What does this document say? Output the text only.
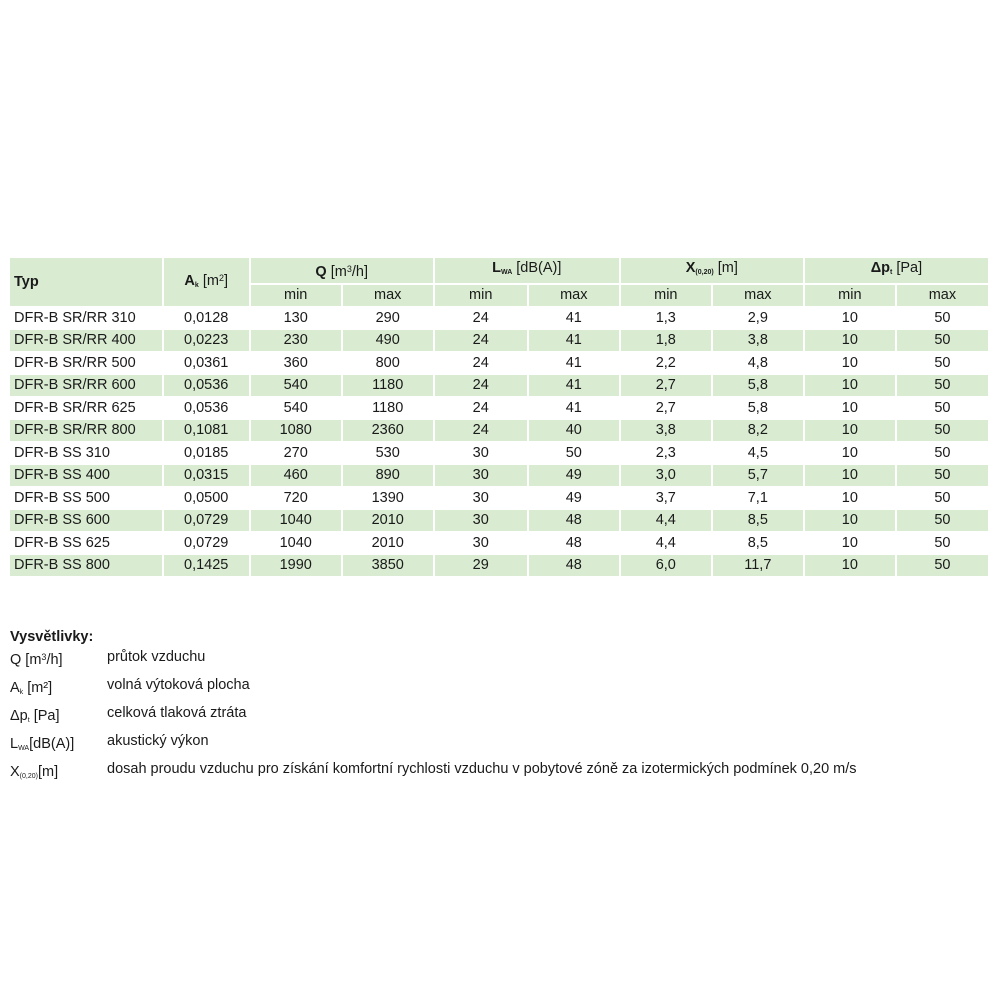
Typ	$A_k$ $[m^2]$	Q $[m^3/h]$		$L_{WA}$ [dB(A)]		$X_{(0,20)}$ [m]		$\Delta p_t$ [Pa]	
		min	max	min	max	min	max	min	max
DFR-B SR/RR 310	0,0128	130	290	24	41	1,3	2,9	10	50
DFR-B SR/RR 400	0,0223	230	490	24	41	1,8	3,8	10	50
DFR-B SR/RR 500	0,0361	360	800	24	41	2,2	4,8	10	50
DFR-B SR/RR 600	0,0536	540	1180	24	41	2,7	5,8	10	50
DFR-B SR/RR 625	0,0536	540	1180	24	41	2,7	5,8	10	50
DFR-B SR/RR 800	0,1081	1080	2360	24	40	3,8	8,2	10	50
DFR-B SS 310	0,0185	270	530	30	50	2,3	4,5	10	50
DFR-B SS 400	0,0315	460	890	30	49	3,0	5,7	10	50
DFR-B SS 500	0,0500	720	1390	30	49	3,7	7,1	10	50
DFR-B SS 600	0,0729	1040	2010	30	48	4,4	8,5	10	50
DFR-B SS 625	0,0729	1040	2010	30	48	4,4	8,5	10	50
DFR-B SS 800	0,1425	1990	3850	29	48	6,0	11,7	10	50
Vysvětlivky:
Q $[m^3/h]$	průtok vzduchu
$A_k$ [m²]	volná výtoková plocha
$\Delta p_t$ [Pa]	celková tlaková ztráta
$L_{WA}[dB(A)]$	akustický výkon
$X_{(0,20)}[m]$	dosah proudu vzduchu pro získání komfortní rychlosti vzduchu v pobytové zóně za izotermických podmínek 0,20 m/s
